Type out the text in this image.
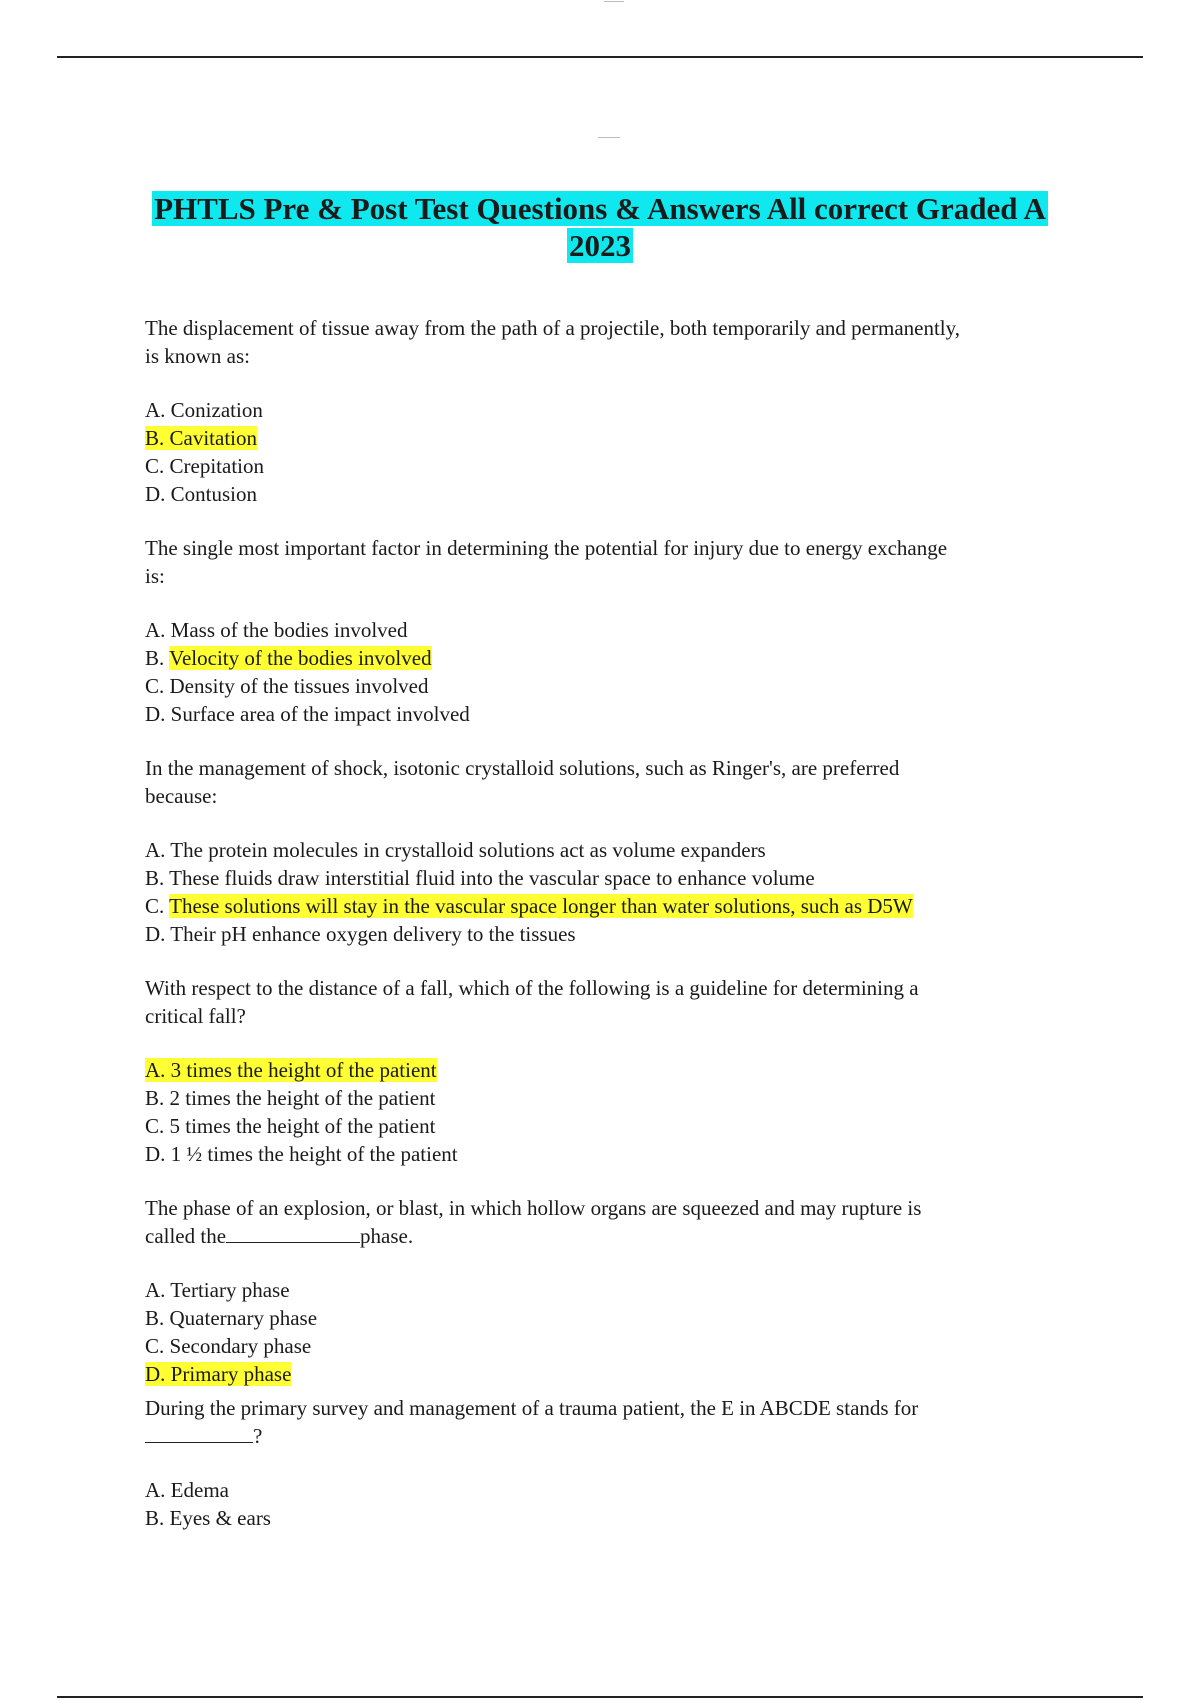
PHTLS Pre & Post Test Questions & Answers All correct Graded A
2023

The displacement of tissue away from the path of a projectile, both temporarily and permanently,
is known as:

A. Conization
B. Cavitation
C. Crepitation
D. Contusion

The single most important factor in determining the potential for injury due to energy exchange
is:

A. Mass of the bodies involved
B. Velocity of the bodies involved
C. Density of the tissues involved
D. Surface area of the impact involved

In the management of shock, isotonic crystalloid solutions, such as Ringer's, are preferred
because:

A. The protein molecules in crystalloid solutions act as volume expanders
B. These fluids draw interstitial fluid into the vascular space to enhance volume
C. These solutions will stay in the vascular space longer than water solutions, such as D5W
D. Their pH enhance oxygen delivery to the tissues

With respect to the distance of a fall, which of the following is a guideline for determining a
critical fall?

A. 3 times the height of the patient
B. 2 times the height of the patient
C. 5 times the height of the patient
D. 1 ½ times the height of the patient

The phase of an explosion, or blast, in which hollow organs are squeezed and may rupture is
called the	phase.

A. Tertiary phase
B. Quaternary phase
C. Secondary phase
D. Primary phase

During the primary survey and management of a trauma patient, the E in ABCDE stands for
?

A. Edema
B. Eyes & ears
